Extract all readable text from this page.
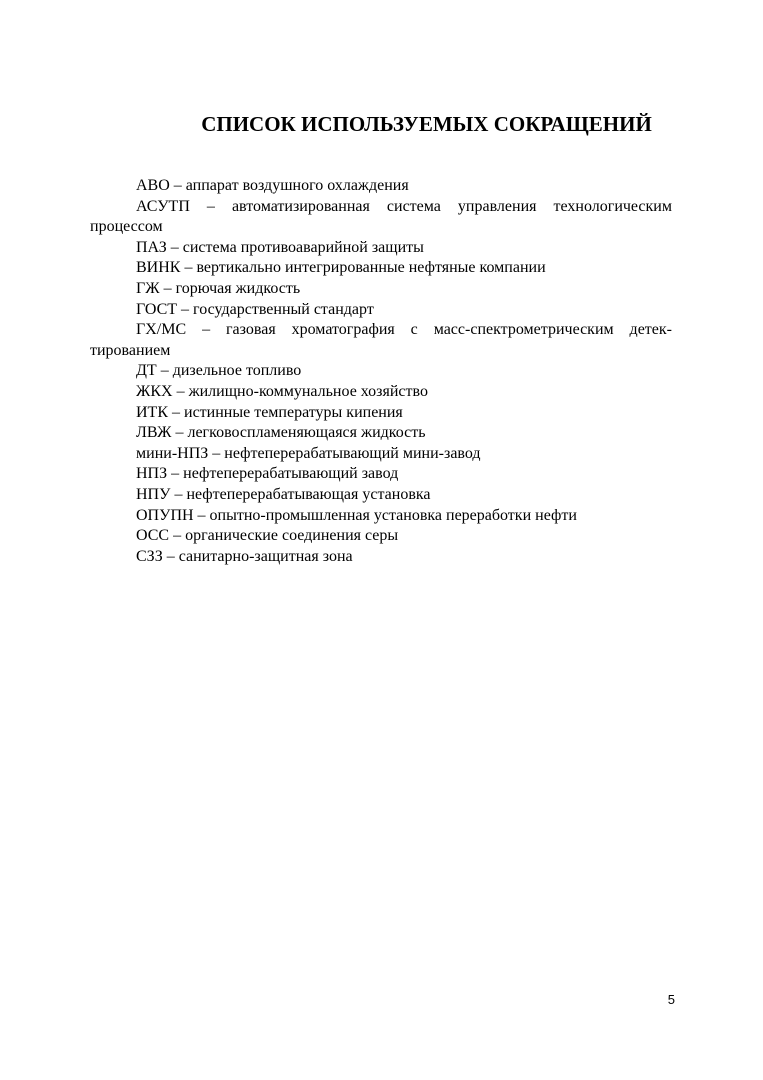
СПИСОК ИСПОЛЬЗУЕМЫХ СОКРАЩЕНИЙ
АВО – аппарат воздушного охлаждения
АСУТП – автоматизированная система управления технологическим процессом
ПАЗ – система противоаварийной защиты
ВИНК – вертикально интегрированные нефтяные компании
ГЖ – горючая жидкость
ГОСТ – государственный стандарт
ГХ/МС – газовая хроматография с масс-спектрометрическим детек-тированием
ДТ – дизельное топливо
ЖКХ – жилищно-коммунальное хозяйство
ИТК – истинные температуры кипения
ЛВЖ – легковоспламеняющаяся жидкость
мини-НПЗ – нефтеперерабатывающий мини-завод
НПЗ – нефтеперерабатывающий завод
НПУ – нефтеперерабатывающая установка
ОПУПН – опытно-промышленная установка переработки нефти
ОСС – органические соединения серы
СЗЗ – санитарно-защитная зона
5
